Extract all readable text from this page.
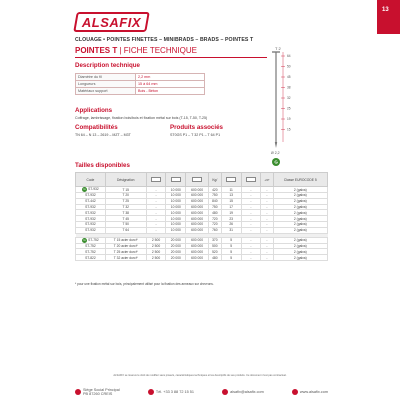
ALSAFIX
CLOUAGE • POINTES FINETTES – MINIBRADS – BRADS – POINTES T
13
POINTES T | FICHE TECHNIQUE
Description technique
Diamètre du fil	2,2 mm
Longueurs	15 à 64 mm
Matériaux support	Bois - Béton
Applications
Coffrage, lambrissage, fixation bois/bois et fixation métal sur bois (T-15, T-50, T-25)
Compatibilités
TN 64 – N 13 – 2619 – MZT – M3T
Produits associés
ST0GS P1 – T 32 P1 – T 64 P1
T 2
64
50
45
38
32
25
19
15
Ø 2,2
G
Tailles disponibles
Code	Désignation				Kg/			-20°	Classe EUROCODE 5
G ST-932	T 15	-	10 000	600 000	420	11	-	-	2 (galva)
ST-932	T 20	-	10 000	600 000	750	13	-	-	2 (galva)
ST-442	T 25	-	10 000	600 000	840	15	-	-	2 (galva)
ST-932	T 32	-	10 000	600 000	750	17	-	-	2 (galva)
ST-932	T 38	-	10 000	600 000	480	19	-	-	2 (galva)
ST-932	T 45	-	10 000	600 000	720	23	-	-	2 (galva)
ST-932	T 50	-	10 000	600 000	720	26	-	-	2 (galva)
ST-932	T 64	-	10 000	600 000	760	31	-	-	2 (galva)

G ST-752	T 15 acier durci*	2 500	20 000	600 000	370	5	-	-	2 (galva)
ST-752	T 20 acier durci*	2 500	20 000	600 000	500	5	-	-	2 (galva)
ST-752	T 25 acier durci*	2 500	20 000	600 000	520	5	-	-	2 (galva)
ST-822	T 32 acier durci*	2 500	20 000	600 000	480	5	-	-	2 (galva)
* pour une fixation métal sur bois, principalement utilisé pour la fixation des anneaux sur chevrons.
ALSAFIX se réserve le droit de modifier sans préavis, caractéristiques techniques et les descriptifs de ses produits. Ce document n'est pas contractuel.
Siège Social Principal
PB 87260 CREIS	Tél. +33 3 88 72 15 51	alsafix@alsafix.com	www.alsafix.com
